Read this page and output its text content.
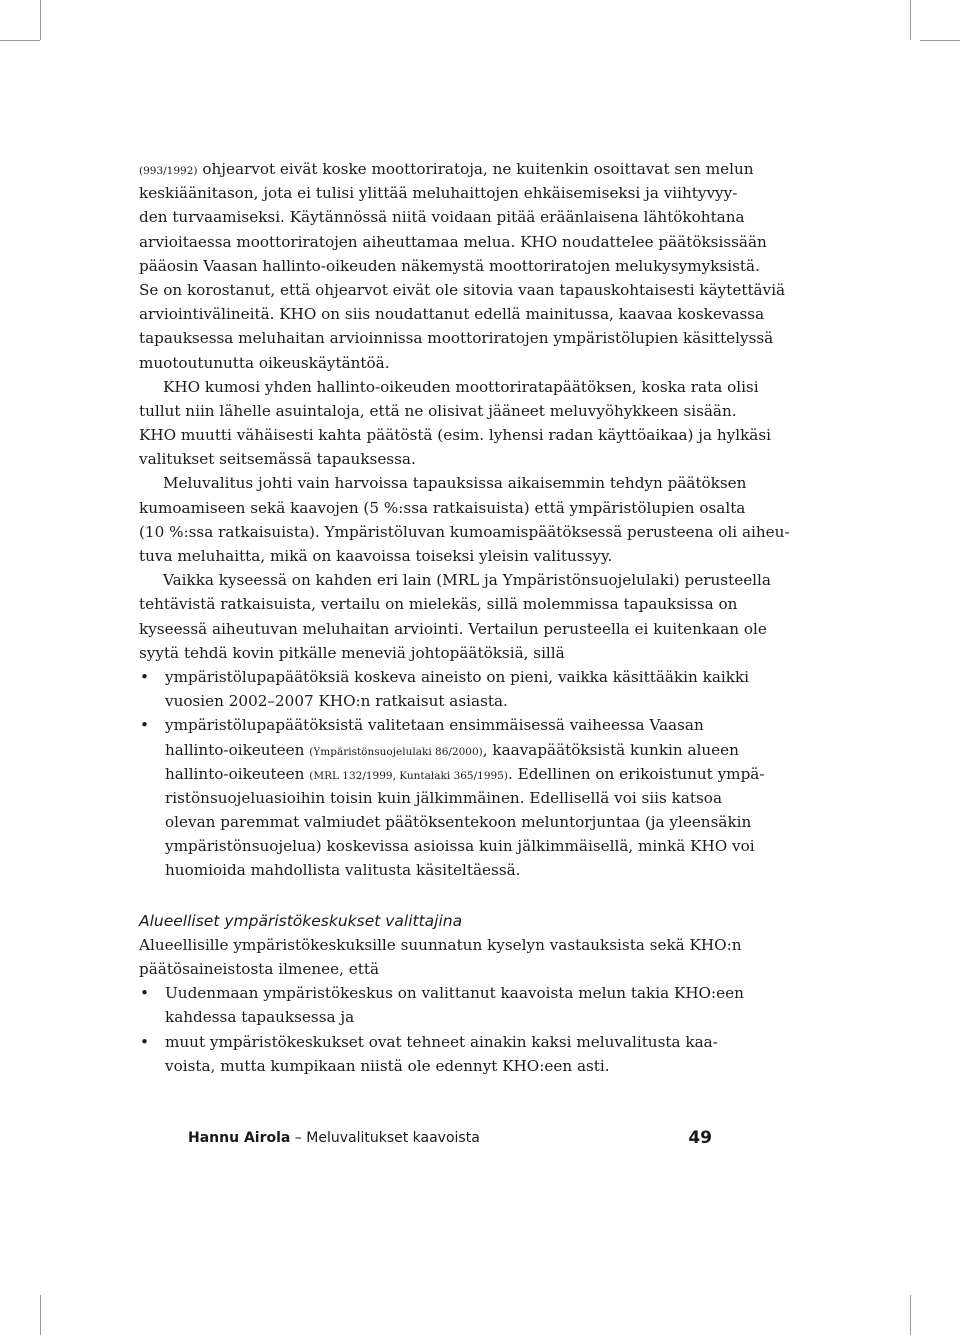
(993/1992) ohjearvot eivät koske moottoriratoja, ne kuitenkin osoittavat sen melun
keskiäänitason, jota ei tulisi ylittää meluhaittojen ehkäisemiseksi ja viihtyvyy-
den turvaamiseksi. Käytännössä niitä voidaan pitää eräänlaisena lähtökohtana
arvioitaessa moottoriratojen aiheuttamaa melua. KHO noudattelee päätöksissään
pääosin Vaasan hallinto-oikeuden näkemystä moottoriratojen melukysymyksistä.
Se on korostanut, että ohjearvot eivät ole sitovia vaan tapauskohtaisesti käytettäviä
arviointivälineitä. KHO on siis noudattanut edellä mainitussa, kaavaa koskevassa
tapauksessa meluhaitan arvioinnissa moottoriratojen ympäristölupien käsittelyssä
muotoutunutta oikeuskäytäntöä.
KHO kumosi yhden hallinto-oikeuden moottoriratapäätöksen, koska rata olisi
tullut niin lähelle asuintaloja, että ne olisivat jääneet meluvyöhykkeen sisään.
KHO muutti vähäisesti kahta päätöstä (esim. lyhensi radan käyttöaikaa) ja hylkäsi
valitukset seitsemässä tapauksessa.
Meluvalitus johti vain harvoissa tapauksissa aikaisemmin tehdyn päätöksen
kumoamiseen sekä kaavojen (5 %:ssa ratkaisuista) että ympäristölupien osalta
(10 %:ssa ratkaisuista). Ympäristöluvan kumoamispäätöksessä perusteena oli aiheu-
tuva meluhaitta, mikä on kaavoissa toiseksi yleisin valitussyy.
Vaikka kyseessä on kahden eri lain (MRL ja Ympäristönsuojelulaki) perusteella
tehtävistä ratkaisuista, vertailu on mielekäs, sillä molemmissa tapauksissa on
kyseessä aiheutuvan meluhaitan arviointi. Vertailun perusteella ei kuitenkaan ole
syytä tehdä kovin pitkälle meneviä johtopäätöksiä, sillä
• ympäristölupapäätöksiä koskeva aineisto on pieni, vaikka käsittääkin kaikki
vuosien 2002–2007 KHO:n ratkaisut asiasta.
• ympäristölupapäätöksistä valitetaan ensimmäisessä vaiheessa Vaasan
hallinto-oikeuteen (Ympäristönsuojelulaki 86/2000), kaavapäätöksistä kunkin alueen
hallinto-oikeuteen (MRL 132/1999, Kuntalaki 365/1995). Edellinen on erikoistunut ympä-
ristönsuojeluasioihin toisin kuin jälkimmäinen. Edellisellä voi siis katsoa
olevan paremmat valmiudet päätöksentekoon meluntorjuntaa (ja yleensäkin
ympäristönsuojelua) koskevissa asioissa kuin jälkimmäisellä, minkä KHO voi
huomioida mahdollista valitusta käsiteltäessä.
Alueelliset ympäristökeskukset valittajina
Alueellisille ympäristökeskuksille suunnatun kyselyn vastauksista sekä KHO:n
päätösaineistosta ilmenee, että
• Uudenmaan ympäristökeskus on valittanut kaavoista melun takia KHO:een
kahdessa tapauksessa ja
• muut ympäristökeskukset ovat tehneet ainakin kaksi meluvalitusta kaa-
voista, mutta kumpikaan niistä ole edennyt KHO:een asti.
Hannu Airola – Meluvalitukset kaavoista	49
